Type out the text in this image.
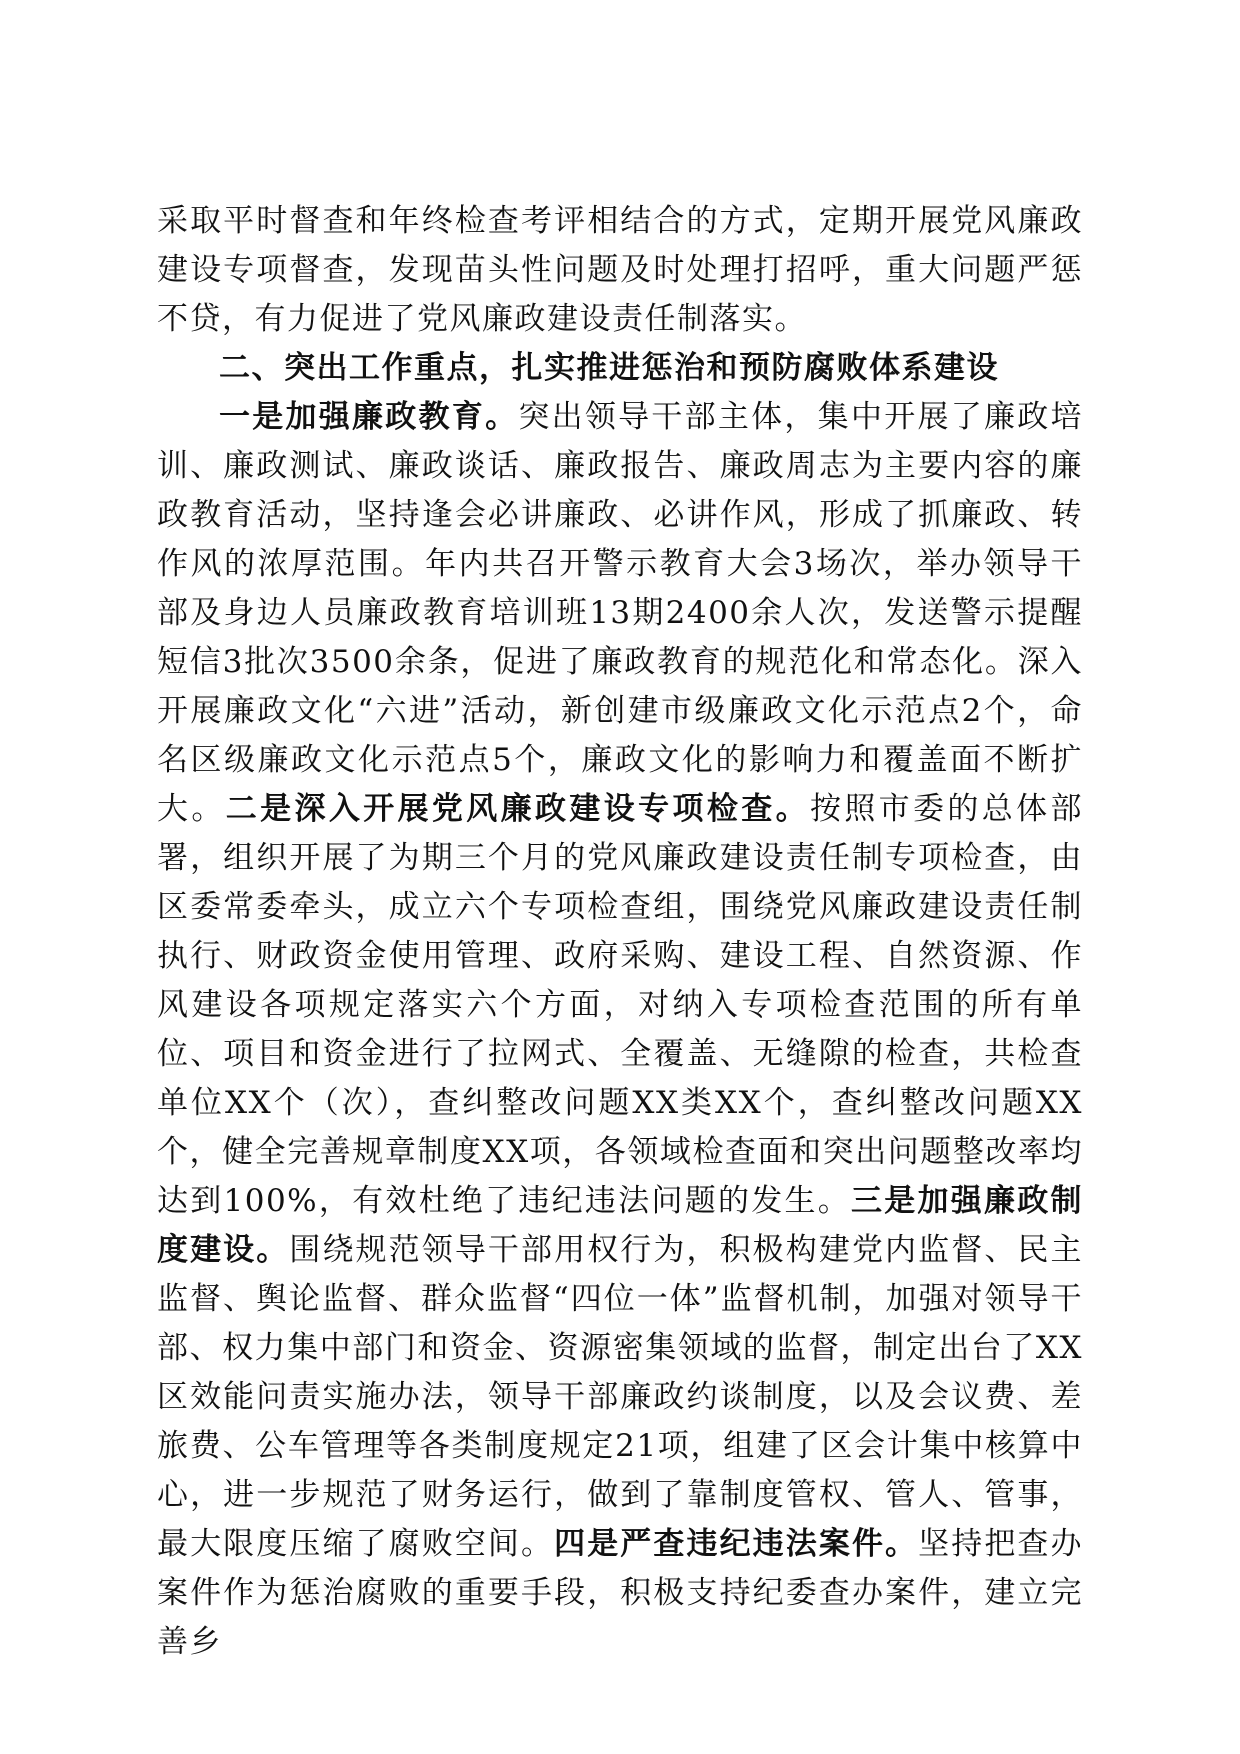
采取平时督查和年终检查考评相结合的方式，定期开展党风廉政建设专项督查，发现苗头性问题及时处理打招呼，重大问题严惩不贷，有力促进了党风廉政建设责任制落实。

二、突出工作重点，扎实推进惩治和预防腐败体系建设

一是加强廉政教育。突出领导干部主体，集中开展了廉政培训、廉政测试、廉政谈话、廉政报告、廉政周志为主要内容的廉政教育活动，坚持逢会必讲廉政、必讲作风，形成了抓廉政、转作风的浓厚范围。年内共召开警示教育大会3场次，举办领导干部及身边人员廉政教育培训班13期2400余人次，发送警示提醒短信3批次3500余条，促进了廉政教育的规范化和常态化。深入开展廉政文化“六进”活动，新创建市级廉政文化示范点2个，命名区级廉政文化示范点5个，廉政文化的影响力和覆盖面不断扩大。二是深入开展党风廉政建设专项检查。按照市委的总体部署，组织开展了为期三个月的党风廉政建设责任制专项检查，由区委常委牵头，成立六个专项检查组，围绕党风廉政建设责任制执行、财政资金使用管理、政府采购、建设工程、自然资源、作风建设各项规定落实六个方面，对纳入专项检查范围的所有单位、项目和资金进行了拉网式、全覆盖、无缝隙的检查，共检查单位XX个（次），查纠整改问题XX类XX个，查纠整改问题XX个，健全完善规章制度XX项，各领域检查面和突出问题整改率均达到100%，有效杜绝了违纪违法问题的发生。三是加强廉政制度建设。围绕规范领导干部用权行为，积极构建党内监督、民主监督、舆论监督、群众监督“四位一体”监督机制，加强对领导干部、权力集中部门和资金、资源密集领域的监督，制定出台了XX区效能问责实施办法，领导干部廉政约谈制度，以及会议费、差旅费、公车管理等各类制度规定21项，组建了区会计集中核算中心，进一步规范了财务运行，做到了靠制度管权、管人、管事，最大限度压缩了腐败空间。四是严查违纪违法案件。坚持把查办案件作为惩治腐败的重要手段，积极支持纪委查办案件，建立完善乡
